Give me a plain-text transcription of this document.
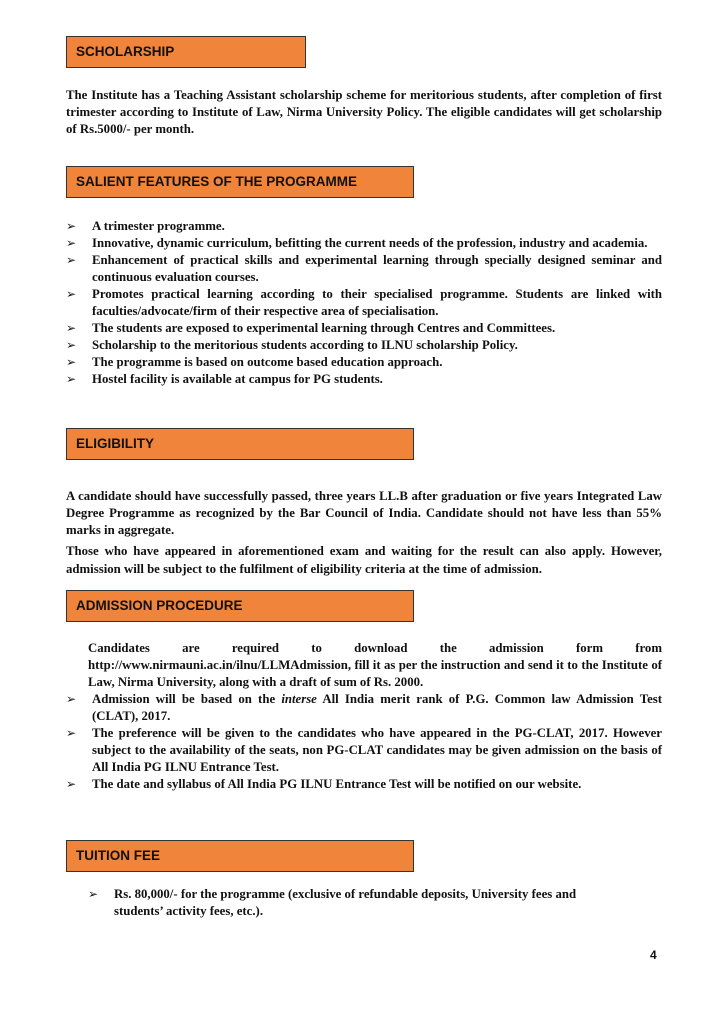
SCHOLARSHIP

The Institute has a Teaching Assistant scholarship scheme for meritorious students, after completion of first trimester according to Institute of Law, Nirma University Policy. The eligible candidates will get scholarship of Rs.5000/- per month.

SALIENT FEATURES OF THE PROGRAMME
➢ A trimester programme.
➢ Innovative, dynamic curriculum, befitting the current needs of the profession, industry and academia.
➢ Enhancement of practical skills and experimental learning through specially designed seminar and continuous evaluation courses.
➢ Promotes practical learning according to their specialised programme. Students are linked with faculties/advocate/firm of their respective area of specialisation.
➢ The students are exposed to experimental learning through Centres and Committees.
➢ Scholarship to the meritorious students according to ILNU scholarship Policy.
➢ The programme is based on outcome based education approach.
➢ Hostel facility is available at campus for PG students.
ELIGIBILITY

A candidate should have successfully passed, three years LL.B after graduation or five years Integrated Law Degree Programme as recognized by the Bar Council of India. Candidate should not have less than 55% marks in aggregate.

Those who have appeared in aforementioned exam and waiting for the result can also apply. However, admission will be subject to the fulfilment of eligibility criteria at the time of admission.

ADMISSION PROCEDURE

Candidates are required to download the admission form from http://www.nirmauni.ac.in/ilnu/LLMAdmission, fill it as per the instruction and send it to the Institute of Law, Nirma University, along with a draft of sum of Rs. 2000.

➢ Admission will be based on the interse All India merit rank of P.G. Common law Admission Test (CLAT), 2017.
➢ The preference will be given to the candidates who have appeared in the PG-CLAT, 2017. However subject to the availability of the seats, non PG-CLAT candidates may be given admission on the basis of All India PG ILNU Entrance Test.
➢ The date and syllabus of All India PG ILNU Entrance Test will be notified on our website.
TUITION FEE
➢ Rs. 80,000/- for the programme (exclusive of refundable deposits, University fees and students’ activity fees, etc.).
4
